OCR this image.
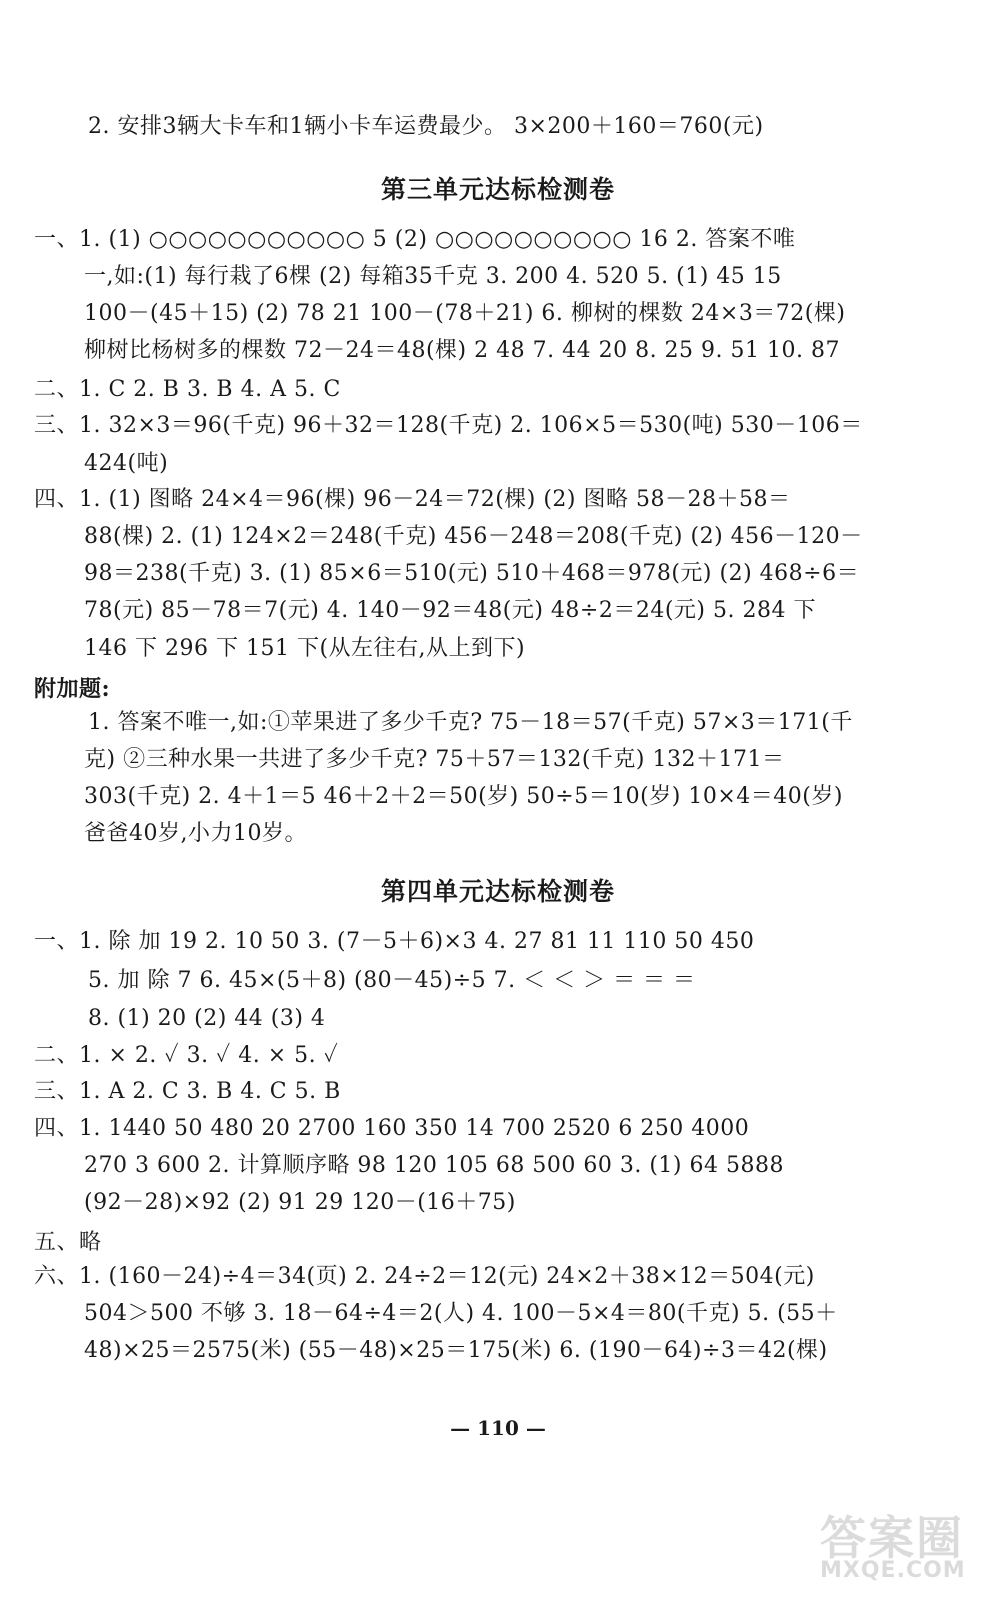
2. 安排3辆大卡车和1辆小卡车运费最少。 3×200＋160＝760(元)
第三单元达标检测卷
一、1. (1) ○○○○○○○○○○○ 5 (2) ○○○○○○○○○○ 16 2. 答案不唯
一,如:(1) 每行栽了6棵 (2) 每箱35千克 3. 200 4. 520 5. (1) 45 15
100－(45＋15) (2) 78 21 100－(78＋21) 6. 柳树的棵数 24×3＝72(棵)
柳树比杨树多的棵数 72－24＝48(棵) 2 48 7. 44 20 8. 25 9. 51 10. 87
二、1. C 2. B 3. B 4. A 5. C
三、1. 32×3＝96(千克) 96＋32＝128(千克) 2. 106×5＝530(吨) 530－106＝
424(吨)
四、1. (1) 图略 24×4＝96(棵) 96－24＝72(棵) (2) 图略 58－28＋58＝
88(棵) 2. (1) 124×2＝248(千克) 456－248＝208(千克) (2) 456－120－
98＝238(千克) 3. (1) 85×6＝510(元) 510＋468＝978(元) (2) 468÷6＝
78(元) 85－78＝7(元) 4. 140－92＝48(元) 48÷2＝24(元) 5. 284 下
146 下 296 下 151 下(从左往右,从上到下)
附加题:
1. 答案不唯一,如:①苹果进了多少千克? 75－18＝57(千克) 57×3＝171(千
克) ②三种水果一共进了多少千克? 75＋57＝132(千克) 132＋171＝
303(千克) 2. 4＋1＝5 46＋2＋2＝50(岁) 50÷5＝10(岁) 10×4＝40(岁)
爸爸40岁,小力10岁。
第四单元达标检测卷
一、1. 除 加 19 2. 10 50 3. (7－5＋6)×3 4. 27 81 11 110 50 450
5. 加 除 7 6. 45×(5＋8) (80－45)÷5 7. ＜ ＜ ＞ ＝ ＝ ＝
8. (1) 20 (2) 44 (3) 4
二、1. × 2. ✓ 3. ✓ 4. × 5. ✓
三、1. A 2. C 3. B 4. C 5. B
四、1. 1440 50 480 20 2700 160 350 14 700 2520 6 250 4000
270 3 600 2. 计算顺序略 98 120 105 68 500 60 3. (1) 64 5888
(92－28)×92 (2) 91 29 120－(16＋75)
五、略
六、1. (160－24)÷4＝34(页) 2. 24÷2＝12(元) 24×2＋38×12＝504(元)
504＞500 不够 3. 18－64÷4＝2(人) 4. 100－5×4＝80(千克) 5. (55＋
48)×25＝2575(米) (55－48)×25＝175(米) 6. (190－64)÷3＝42(棵)
— 110 —
答案圈
MXQE.COM
